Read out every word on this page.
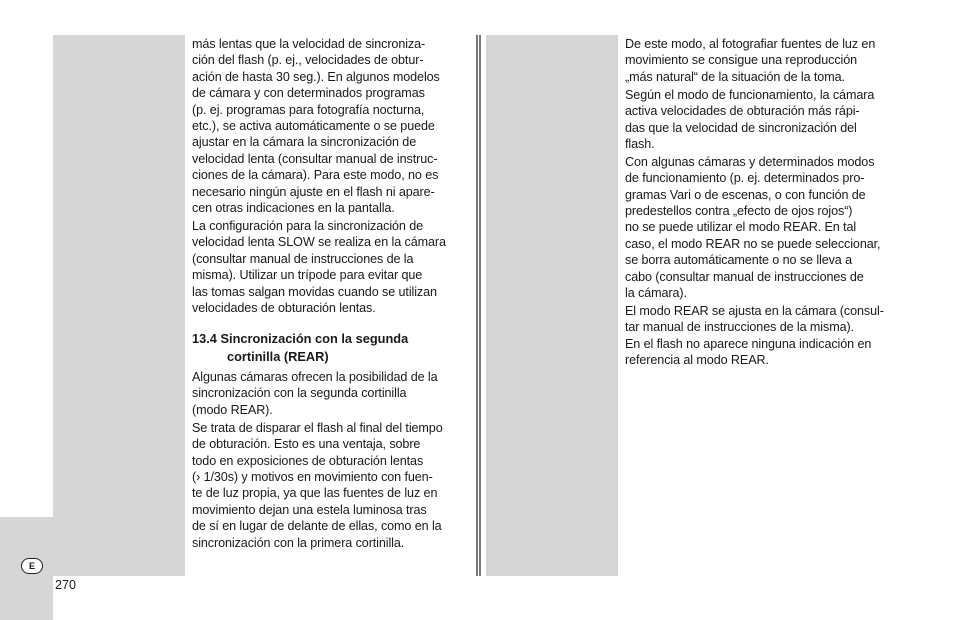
más lentas que la velocidad de sincroniza-
ción del flash (p. ej., velocidades de obtur-
ación de hasta 30 seg.). En algunos modelos
de cámara y con determinados programas
(p. ej. programas para fotografía nocturna,
etc.), se activa automáticamente o se puede
ajustar en la cámara la sincronización de
velocidad lenta (consultar manual de instruc-
ciones de la cámara). Para este modo, no es
necesario ningún ajuste en el flash ni apare-
cen otras indicaciones en la pantalla.
La configuración para la sincronización de
velocidad lenta SLOW se realiza en la cámara
(consultar manual de instrucciones de la
misma). Utilizar un trípode para evitar que
las tomas salgan movidas cuando se utilizan
velocidades de obturación lentas.
13.4 Sincronización con la segunda
cortinilla (REAR)
Algunas cámaras ofrecen la posibilidad de la
sincronización con la segunda cortinilla
(modo REAR).
Se trata de disparar el flash al final del tiempo
de obturación. Esto es una ventaja, sobre
todo en exposiciones de obturación lentas
(› 1/30s) y motivos en movimiento con fuen-
te de luz propia, ya que las fuentes de luz en
movimiento dejan una estela luminosa tras
de sí en lugar de delante de ellas, como en la
sincronización con la primera cortinilla.
De este modo, al fotografiar fuentes de luz en
movimiento se consigue una reproducción
„más natural“ de la situación de la toma.
Según el modo de funcionamiento, la cámara
activa velocidades de obturación más rápi-
das que la velocidad de sincronización del
flash.
Con algunas cámaras y determinados modos
de funcionamiento (p. ej. determinados pro-
gramas Vari o de escenas, o con función de
predestellos contra „efecto de ojos rojos“)
no se puede utilizar el modo REAR. En tal
caso, el modo REAR no se puede seleccionar,
se borra automáticamente o no se lleva a
cabo (consultar manual de instrucciones de
la cámara).
El modo REAR se ajusta en la cámara (consul-
tar manual de instrucciones de la misma).
En el flash no aparece ninguna indicación en
referencia al modo REAR.
E
270
